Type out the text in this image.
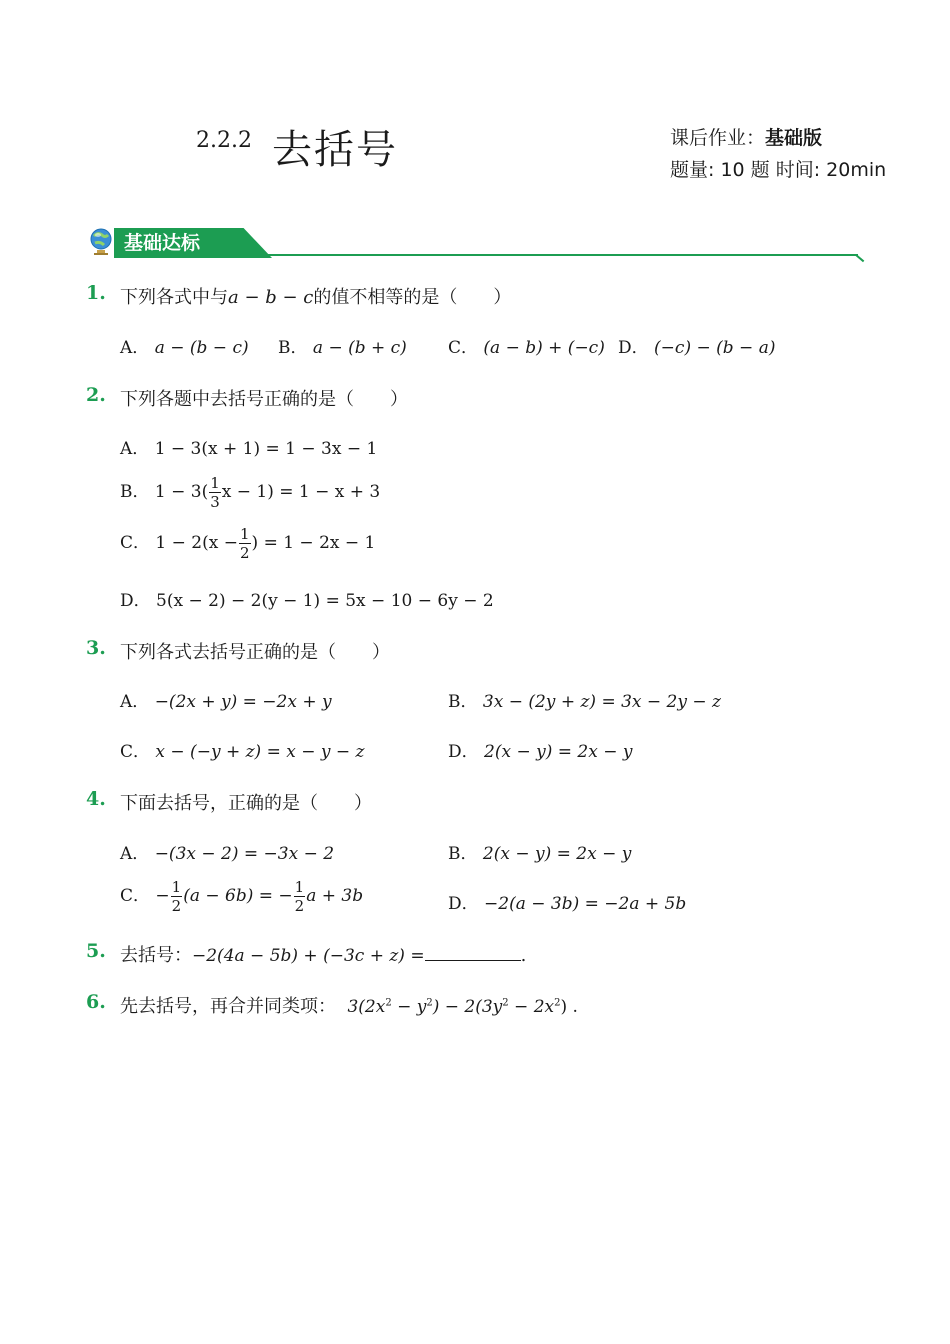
2.2.2 去括号	课后作业：基础版
题量: 10 题 时间: 20min
基础达标
1. 下列各式中与a − b − c的值不相等的是（　　）
A． a − (b − c) B． a − (b + c) C． (a − b) + (−c) D． (−c) − (b − a)
2. 下列各题中去括号正确的是（　　）
A． 1 − 3(x + 1) = 1 − 3x − 1
B． $1 - 3( \frac{1}{3}$ x − 1) = 1 − x + 3
C． $1 - 2(x - \frac{1}{2}$ ) = 1 − 2x − 1
D． 5(x − 2) − 2(y − 1) = 5x − 10 − 6y − 2
3. 下列各式去括号正确的是（　　）
A． −(2x + y) = −2x + y	B． 3x − (2y + z) = 3x − 2y − z
C． x − (−y + z) = x − y − z	D． 2(x − y) = 2x − y
4. 下面去括号，正确的是（　　）
A． −(3x − 2) = −3x − 2	B． 2(x − y) = 2x − y
C． − $\frac{1}{2} (a - 6b)$ = − $\frac{1}{2}$ a + 3b	D． −2(a − 3b) = −2a + 5b
5. 去括号：−2(4a − 5b) + (−3c + z) =	.
6. 先去括号，再合并同类项： $3(2x^2 - y^2) - 2(3y^2 - 2x^2)$ .
